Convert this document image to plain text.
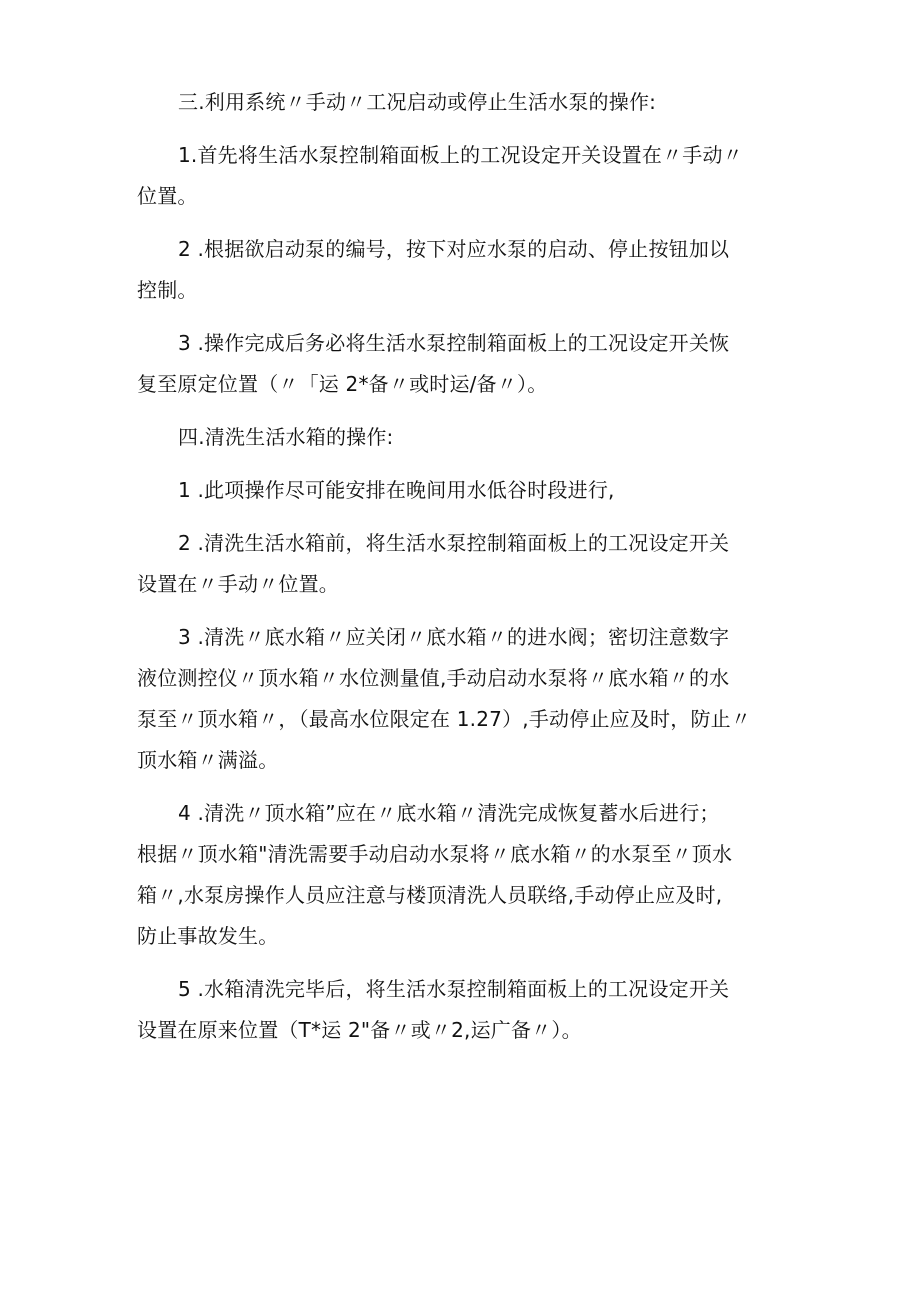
三.利用系统〃手动〃工况启动或停止生活水泵的操作:
1.首先将生活水泵控制箱面板上的工况设定开关设置在〃手动〃
位置。
2 .根据欲启动泵的编号，按下对应水泵的启动、停止按钮加以
控制。
3 .操作完成后务必将生活水泵控制箱面板上的工况设定开关恢
复至原定位置（〃「运 2*备〃或时运/备〃）。
四.清洗生活水箱的操作:
1 .此项操作尽可能安排在晚间用水低谷时段进行,
2 .清洗生活水箱前，将生活水泵控制箱面板上的工况设定开关
设置在〃手动〃位置。
3 .清洗〃底水箱〃应关闭〃底水箱〃的进水阀；密切注意数字
液位测控仪〃顶水箱〃水位测量值,手动启动水泵将〃底水箱〃的水
泵至〃顶水箱〃，（最高水位限定在 1.27）,手动停止应及时，防止〃
顶水箱〃满溢。
4 .清洗〃顶水箱”应在〃底水箱〃清洗完成恢复蓄水后进行；
根据〃顶水箱"清洗需要手动启动水泵将〃底水箱〃的水泵至〃顶水
箱〃,水泵房操作人员应注意与楼顶清洗人员联络,手动停止应及时,
防止事故发生。
5 .水箱清洗完毕后，将生活水泵控制箱面板上的工况设定开关
设置在原来位置（T*运 2"备〃或〃2,运广备〃）。
